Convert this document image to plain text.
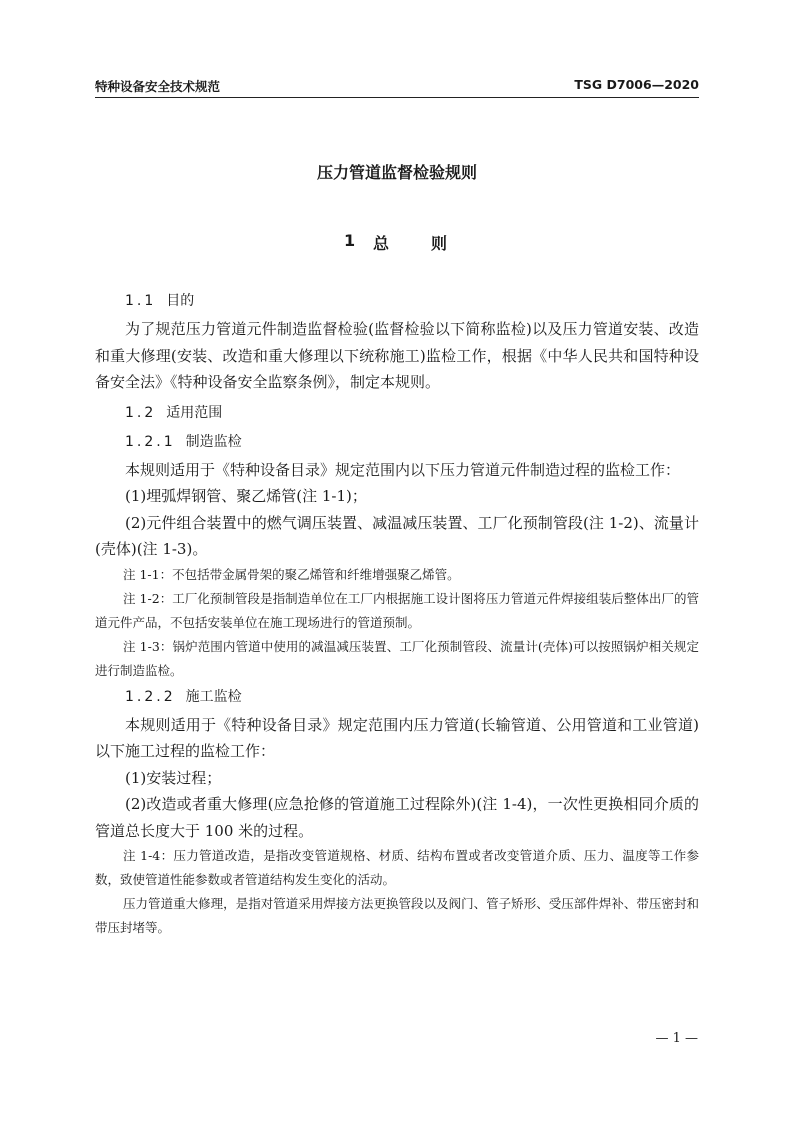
特种设备安全技术规范	TSG D7006—2020
压力管道监督检验规则
1 总	则

1.1 目的

为了规范压力管道元件制造监督检验(监督检验以下简称监检)以及压力管道安装、改造和重大修理(安装、改造和重大修理以下统称施工)监检工作，根据《中华人民共和国特种设备安全法》《特种设备安全监察条例》，制定本规则。

1.2 适用范围

1.2.1 制造监检

本规则适用于《特种设备目录》规定范围内以下压力管道元件制造过程的监检工作：

(1)埋弧焊钢管、聚乙烯管(注 1-1)；

(2)元件组合装置中的燃气调压装置、减温减压装置、工厂化预制管段(注 1-2)、流量计(壳体)(注 1-3)。

注 1-1：不包括带金属骨架的聚乙烯管和纤维增强聚乙烯管。

注 1-2：工厂化预制管段是指制造单位在工厂内根据施工设计图将压力管道元件焊接组装后整体出厂的管道元件产品，不包括安装单位在施工现场进行的管道预制。

注 1-3：锅炉范围内管道中使用的减温减压装置、工厂化预制管段、流量计(壳体)可以按照锅炉相关规定进行制造监检。

1.2.2 施工监检

本规则适用于《特种设备目录》规定范围内压力管道(长输管道、公用管道和工业管道)以下施工过程的监检工作：

(1)安装过程；

(2)改造或者重大修理(应急抢修的管道施工过程除外)(注 1-4)，一次性更换相同介质的管道总长度大于 100 米的过程。

注 1-4：压力管道改造，是指改变管道规格、材质、结构布置或者改变管道介质、压力、温度等工作参数，致使管道性能参数或者管道结构发生变化的活动。

压力管道重大修理，是指对管道采用焊接方法更换管段以及阀门、管子矫形、受压部件焊补、带压密封和带压封堵等。

— 1 —
